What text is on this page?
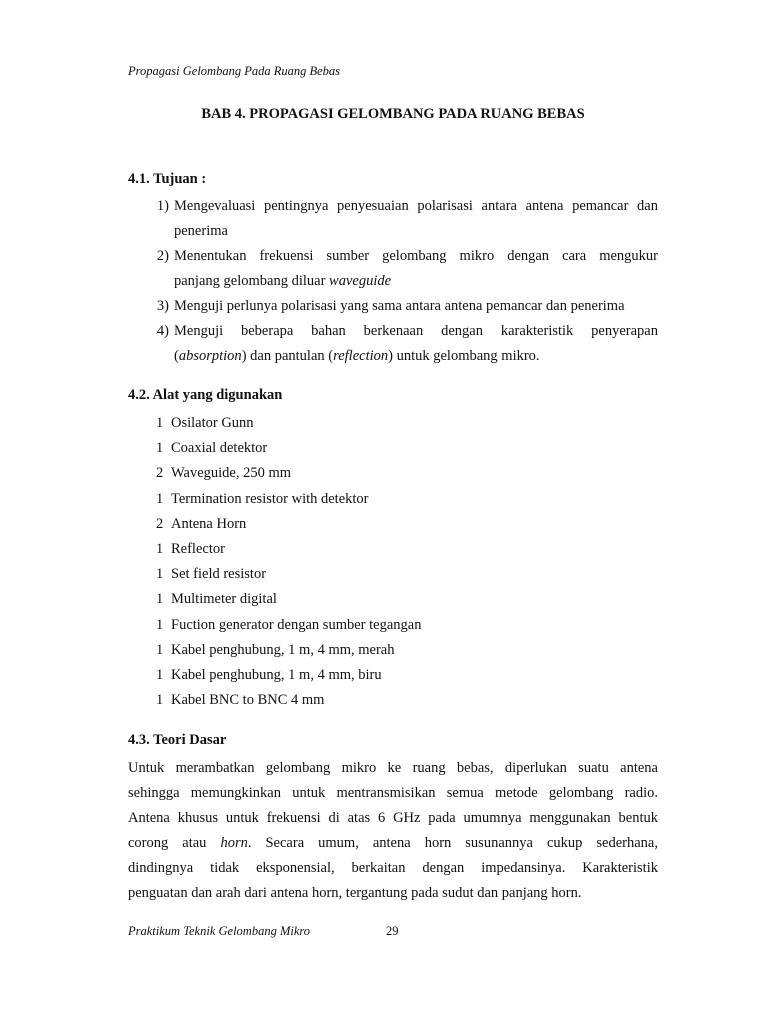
Propagasi Gelombang Pada Ruang Bebas
BAB 4. PROPAGASI GELOMBANG PADA RUANG BEBAS
4.1. Tujuan :
1) Mengevaluasi pentingnya penyesuaian polarisasi antara antena pemancar dan
penerima
2) Menentukan frekuensi sumber gelombang mikro dengan cara mengukur
panjang gelombang diluar waveguide
3) Menguji perlunya polarisasi yang sama antara antena pemancar dan penerima
4) Menguji beberapa bahan berkenaan dengan karakteristik penyerapan
(absorption) dan pantulan (reflection) untuk gelombang mikro.
4.2. Alat yang digunakan
1 Osilator Gunn
1 Coaxial detektor
2 Waveguide, 250 mm
1 Termination resistor with detektor
2 Antena Horn
1 Reflector
1 Set field resistor
1 Multimeter digital
1 Fuction generator dengan sumber tegangan
1 Kabel penghubung, 1 m, 4 mm, merah
1 Kabel penghubung, 1 m, 4 mm, biru
1 Kabel BNC to BNC 4 mm
4.3. Teori Dasar
Untuk merambatkan gelombang mikro ke ruang bebas, diperlukan suatu antena
sehingga memungkinkan untuk mentransmisikan semua metode gelombang radio.
Antena khusus untuk frekuensi di atas 6 GHz pada umumnya menggunakan bentuk
corong atau horn. Secara umum, antena horn susunannya cukup sederhana,
dindingnya tidak eksponensial, berkaitan dengan impedansinya. Karakteristik
penguatan dan arah dari antena horn, tergantung pada sudut dan panjang horn.
Praktikum Teknik Gelombang Mikro	29
